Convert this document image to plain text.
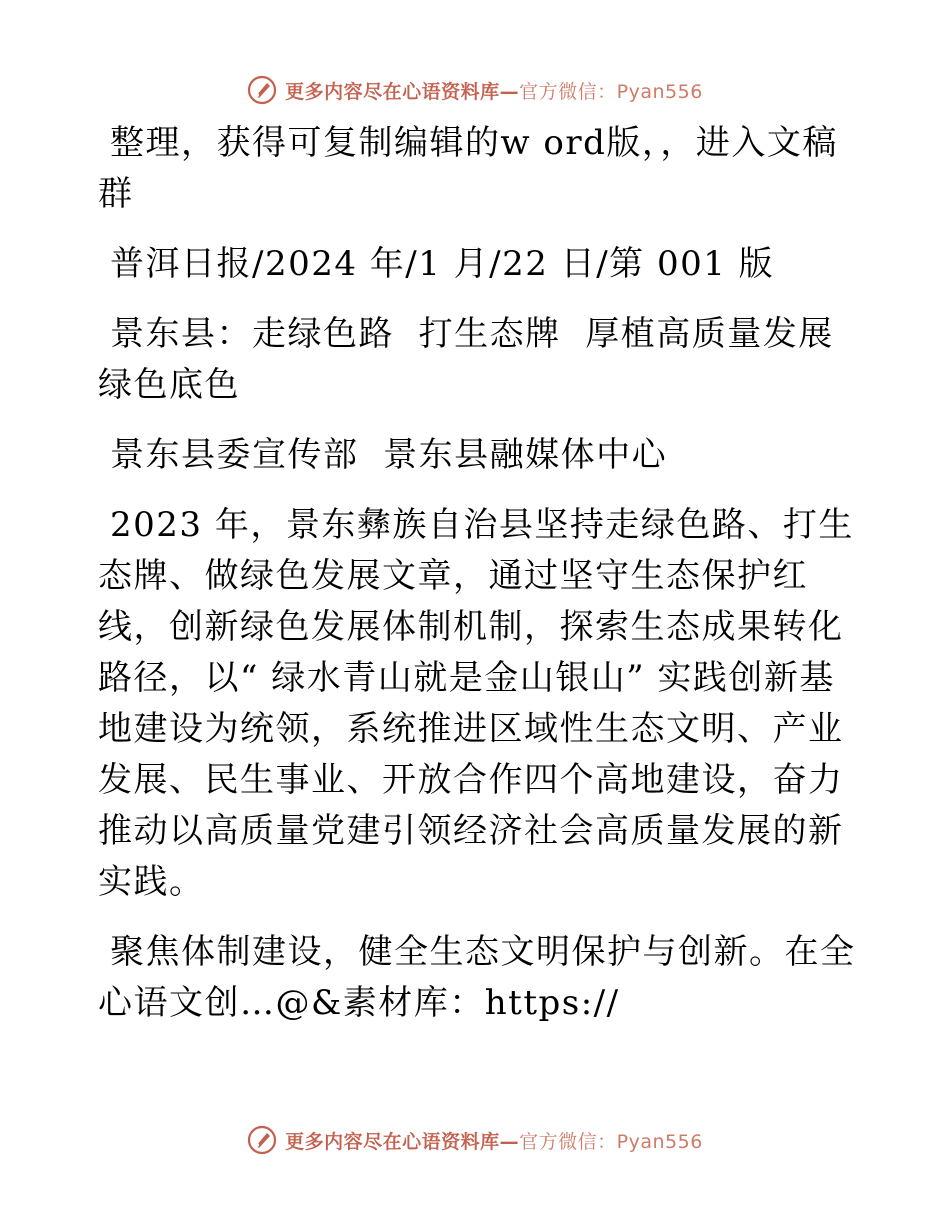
更多内容尽在心语资料库—官方微信：Pyan556

整理，获得可复制编辑的w ord版，，进入文稿群

普洱日报/2024 年/1 月/22 日/第 001 版

景东县：走绿色路  打生态牌  厚植高质量发展绿色底色

景东县委宣传部  景东县融媒体中心

2023 年，景东彝族自治县坚持走绿色路、打生态牌、做绿色发展文章，通过坚守生态保护红线，创新绿色发展体制机制，探索生态成果转化路径，以“ 绿水青山就是金山银山” 实践创新基地建设为统领，系统推进区域性生态文明、产业发展、民生事业、开放合作四个高地建设，奋力推动以高质量党建引领经济社会高质量发展的新实践。

聚焦体制建设，健全生态文明保护与创新。在全心语文创…@&素材库：https://

更多内容尽在心语资料库—官方微信：Pyan556
